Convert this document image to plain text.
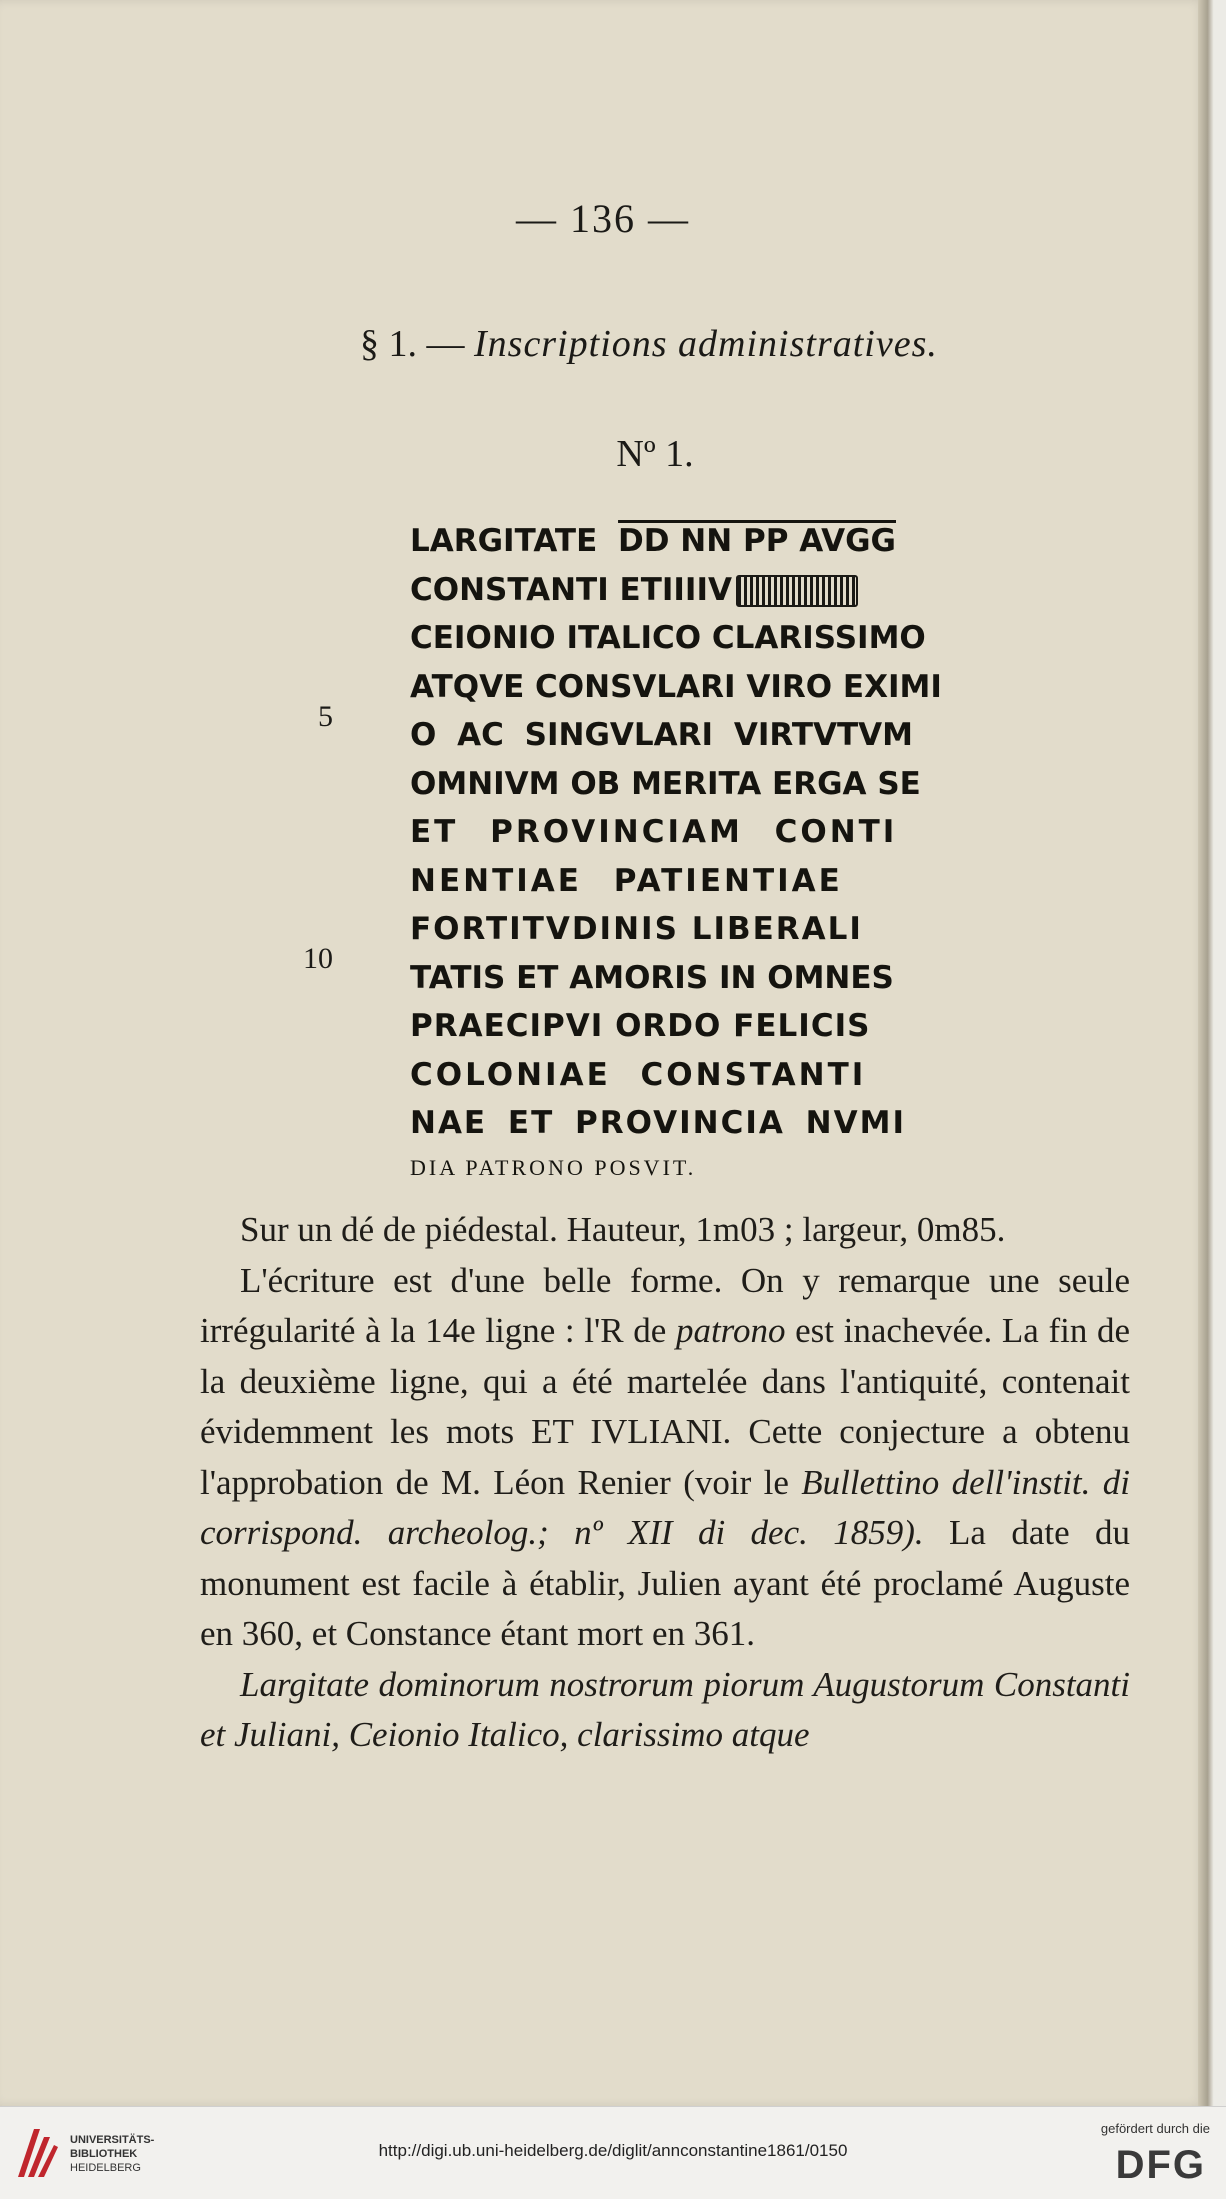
— 136 —
§ 1. — Inscriptions administratives.
Nº 1.
5
10
LARGITATE DD NN PP AVGG
CONSTANTI ETIIIIV
CEIONIO ITALICO CLARISSIMO
ATQVE CONSVLARI VIRO EXIMI
O AC SINGVLARI VIRTVTVM
OMNIVM OB MERITA ERGA SE
ET PROVINCIAM CONTI
NENTIAE PATIENTIAE
FORTITVDINIS LIBERALI
TATIS ET AMORIS IN OMNES
PRAECIPVI ORDO FELICIS
COLONIAE CONSTANTI
NAE ET PROVINCIA NVMI
DIA PATRONO POSVIT.

Sur un dé de piédestal. Hauteur, 1m03 ; largeur, 0m85.

L'écriture est d'une belle forme. On y remarque une seule irrégularité à la 14e ligne : l'R de patrono est inachevée. La fin de la deuxième ligne, qui a été martelée dans l'antiquité, contenait évidemment les mots ET IVLIANI. Cette conjecture a obtenu l'approbation de M. Léon Renier (voir le Bullettino dell'instit. di corrispond. archeolog.; nº XII di dec. 1859). La date du monument est facile à établir, Julien ayant été proclamé Auguste en 360, et Constance étant mort en 361.

Largitate dominorum nostrorum piorum Augustorum Constanti et Juliani, Ceionio Italico, clarissimo atque

UNIVERSITÄTS-
BIBLIOTHEK
HEIDELBERG
http://digi.ub.uni-heidelberg.de/diglit/annconstantine1861/0150
gefördert durch die
DFG
